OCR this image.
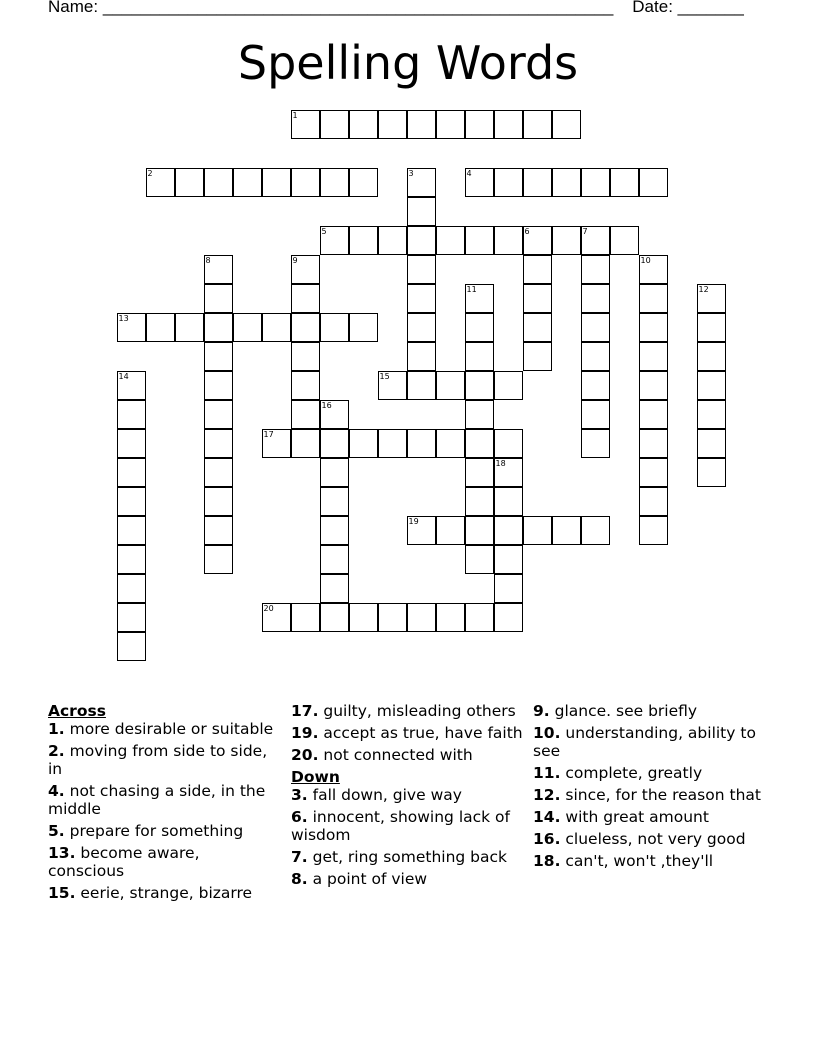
Name: ______________________________________________________ Date: _______
Spelling Words
1
2	3	4
5	6	7
8	9	10
11	12
13
14	15
16
17
18
19
20
Across
1. more desirable or suitable
2. moving from side to side, in
4. not chasing a side, in the middle
5. prepare for something
13. become aware, conscious
15. eerie, strange, bizarre
17. guilty, misleading others
19. accept as true, have faith
20. not connected with
Down
3. fall down, give way
6. innocent, showing lack of wisdom
7. get, ring something back
8. a point of view
9. glance. see briefly
10. understanding, ability to see
11. complete, greatly
12. since, for the reason that
14. with great amount
16. clueless, not very good
18. can't, won't ,they'll
